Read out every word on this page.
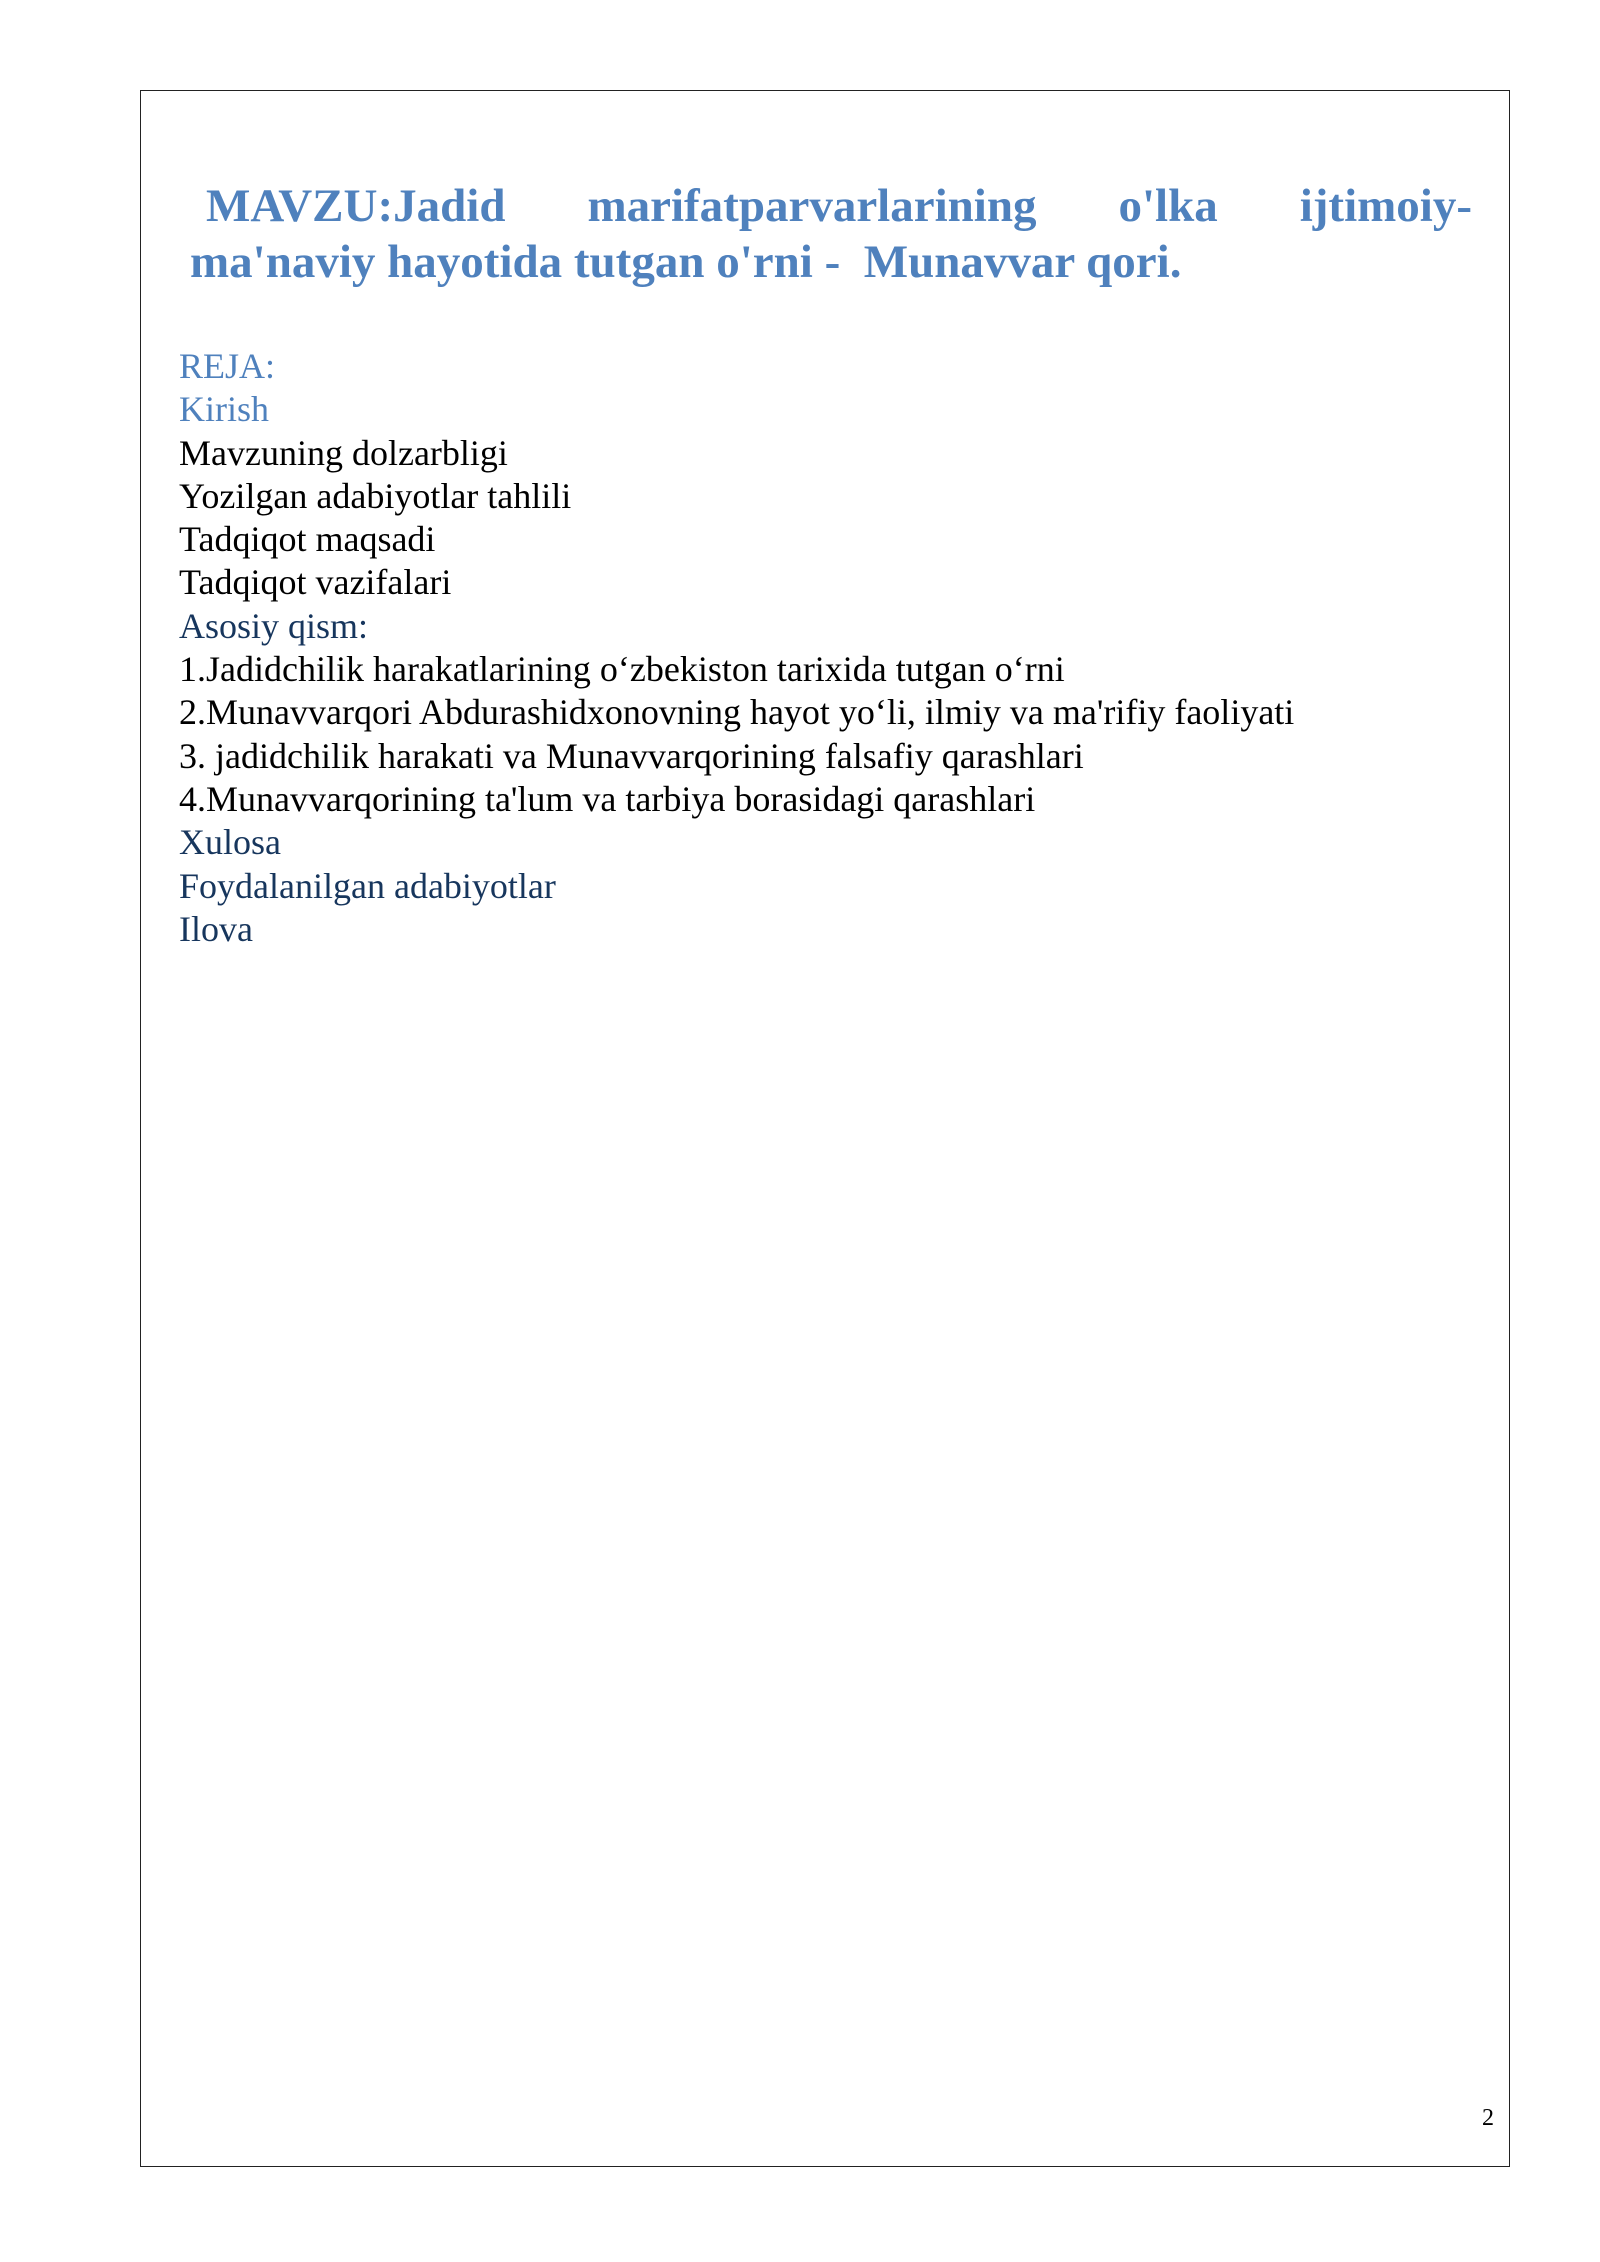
MAVZU:Jadid marifatparvarlarining o'lka ijtimoiy-
ma'naviy hayotida tutgan o'rni -  Munavvar qori.
REJA:
Kirish
Mavzuning dolzarbligi
Yozilgan adabiyotlar tahlili
Tadqiqot maqsadi
Tadqiqot vazifalari
Asosiy qism:
1.Jadidchilik harakatlarining o‘zbekiston tarixida tutgan o‘rni
2.Munavvarqori Abdurashidxonovning hayot yo‘li, ilmiy va ma'rifiy faoliyati
3. jadidchilik harakati va Munavvarqorining falsafiy qarashlari
4.Munavvarqorining ta'lum va tarbiya borasidagi qarashlari
Xulosa
Foydalanilgan adabiyotlar
Ilova
2
